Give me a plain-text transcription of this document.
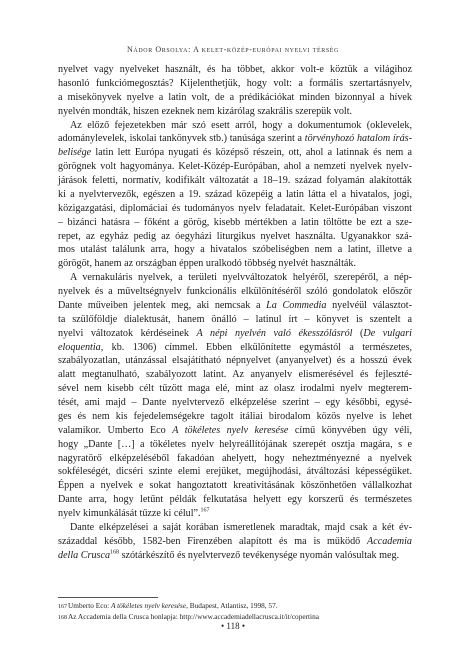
Nádor Orsolya: A kelet-közép-európai nyelvi térség
nyelvet vagy nyelveket használt, és ha többet, akkor volt-e köztük a világihoz
hasonló funkciómegosztás? Kijelenthetjük, hogy volt: a formális szertartásnyelv,
a misekönyvek nyelve a latin volt, de a prédikációkat minden bizonnyal a hívek
nyelvén mondták, hiszen ezeknek nem kizárólag szakrális szerepük volt.
Az előző fejezetekben már szó esett arról, hogy a dokumentumok (oklevelek,
adománylevelek, iskolai tankönyvek stb.) tanúsága szerint a törvényhozó hatalom írás-
belisége latin lett Európa nyugati és középső részein, ott, ahol a latinnak és nem a
görögnek volt hagyománya. Kelet-Közép-Európában, ahol a nemzeti nyelvek nyelv-
járások feletti, normatív, kodifikált változatát a 18–19. század folyamán alakították
ki a nyelvtervezők, egészen a 19. század közepéig a latin látta el a hivatalos, jogi,
közigazgatási, diplomáciai és tudományos nyelv feladatait. Kelet-Európában viszont
– bizánci hatásra – főként a görög, kisebb mértékben a latin töltötte be ezt a sze-
repet, az egyház pedig az óegyházi liturgikus nyelvet használta. Ugyanakkor szá-
mos utalást találunk arra, hogy a hivatalos szóbeliségben nem a latint, illetve a
görögöt, hanem az országban éppen uralkodó többség nyelvét használták.
A vernakuláris nyelvek, a területi nyelvváltozatok helyéről, szerepéről, a nép-
nyelvek és a műveltségnyelv funkcionális elkülönítéséről szóló gondolatok először
Dante műveiben jelentek meg, aki nemcsak a La Commedia nyelvéül választot-
ta szülőföldje dialektusát, hanem önálló – latinul írt – könyvet is szentelt a
nyelvi változatok kérdéseinek A népi nyelvén való ékesszólásról (De vulgari
eloquentia, kb. 1306) címmel. Ebben elkülönítette egymástól a természetes,
szabályozatlan, utánzással elsajátítható népnyelvet (anyanyelvet) és a hosszú évek
alatt megtanulható, szabályozott latint. Az anyanyelv elismerésével és fejleszté-
sével nem kisebb célt tűzött maga elé, mint az olasz irodalmi nyelv megterem-
tését, ami majd – Dante nyelvtervező elképzelése szerint – egy későbbi, egysé-
ges és nem kis fejedelemségekre tagolt itáliai birodalom közös nyelve is lehet
valamikor. Umberto Eco A tökéletes nyelv keresése című könyvében úgy véli,
hogy „Dante […] a tökéletes nyelv helyreállítójának szerepét osztja magára, s e
nagyratörő elképzeléséből fakadóan ahelyett, hogy neheztményezné a nyelvek
sokféleségét, dicséri szinte elemi erejüket, megújhodási, átváltozási képességüket.
Éppen a nyelvek e sokat hangoztatott kreativitásának köszönhetően vállalkozhat
Dante arra, hogy letűnt példák felkutatása helyett egy korszerű és természetes
nyelv kimunkálását tűzze ki célul”.$^{167}$
Dante elképzelései a saját korában ismeretlenek maradtak, majd csak a két év-
századdal később, 1582-ben Firenzében alapított és ma is működő Accademia
della Crusca$^{168}$ szótárkészítő és nyelvtervező tevékenysége nyomán valósultak meg.
167Umberto Eco: A tökéletes nyelv keresése, Budapest, Atlantisz, 1998, 57.
168Az Accademia della Crusca honlapja: http://www.accademiadellacrusca.it/it/copertina
• 118 •
